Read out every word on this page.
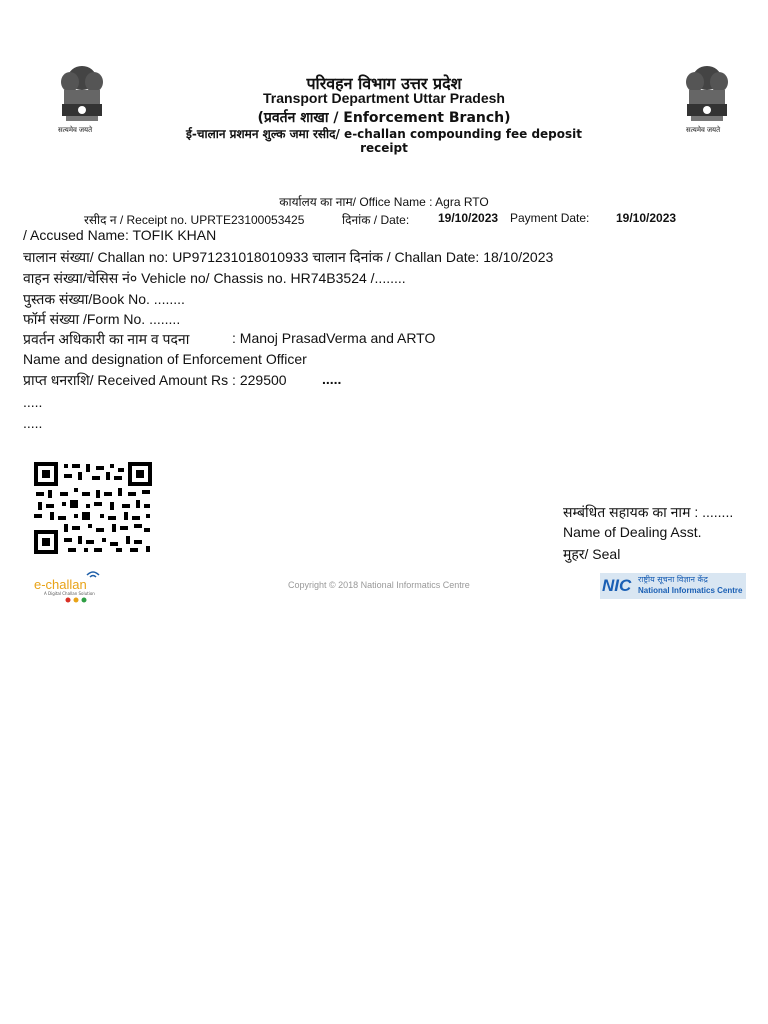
सत्यमेव जयते	सत्यमेव जयते
परिवहन विभाग उत्तर प्रदेश
Transport Department Uttar Pradesh
(प्रवर्तन शाखा / Enforcement Branch)
ई-चालान प्रशमन शुल्क जमा रसीद/ e-challan compounding fee deposit
receipt
कार्यालय का नाम/ Office Name : Agra RTO
रसीद न / Receipt no. UPRTE23100053425	दिनांक / Date: 19/10/2023 Payment Date: 19/10/2023
/ Accused Name: TOFIK KHAN
चालान संख्या/ Challan no: UP971231018010933 चालान दिनांक / Challan Date: 18/10/2023
वाहन संख्या/चेसिस नं० Vehicle no/ Chassis no. HR74B3524 /........
पुस्तक संख्या/Book No. ........
फॉर्म संख्या /Form No. ........
प्रवर्तन अधिकारी का नाम व पदना	: Manoj PrasadVerma and ARTO
Name and designation of Enforcement Officer
प्राप्त धनराशि/ Received Amount Rs : 229500	.....
.....
.....
सम्बंधित सहायक का नाम : ........
Name of Dealing Asst.
मुहर/ Seal
e-challan
A Digital Challan Solution
Copyright © 2018 National Informatics Centre	NIC राष्ट्रीय सूचना विज्ञान केंद्र
National Informatics Centre
